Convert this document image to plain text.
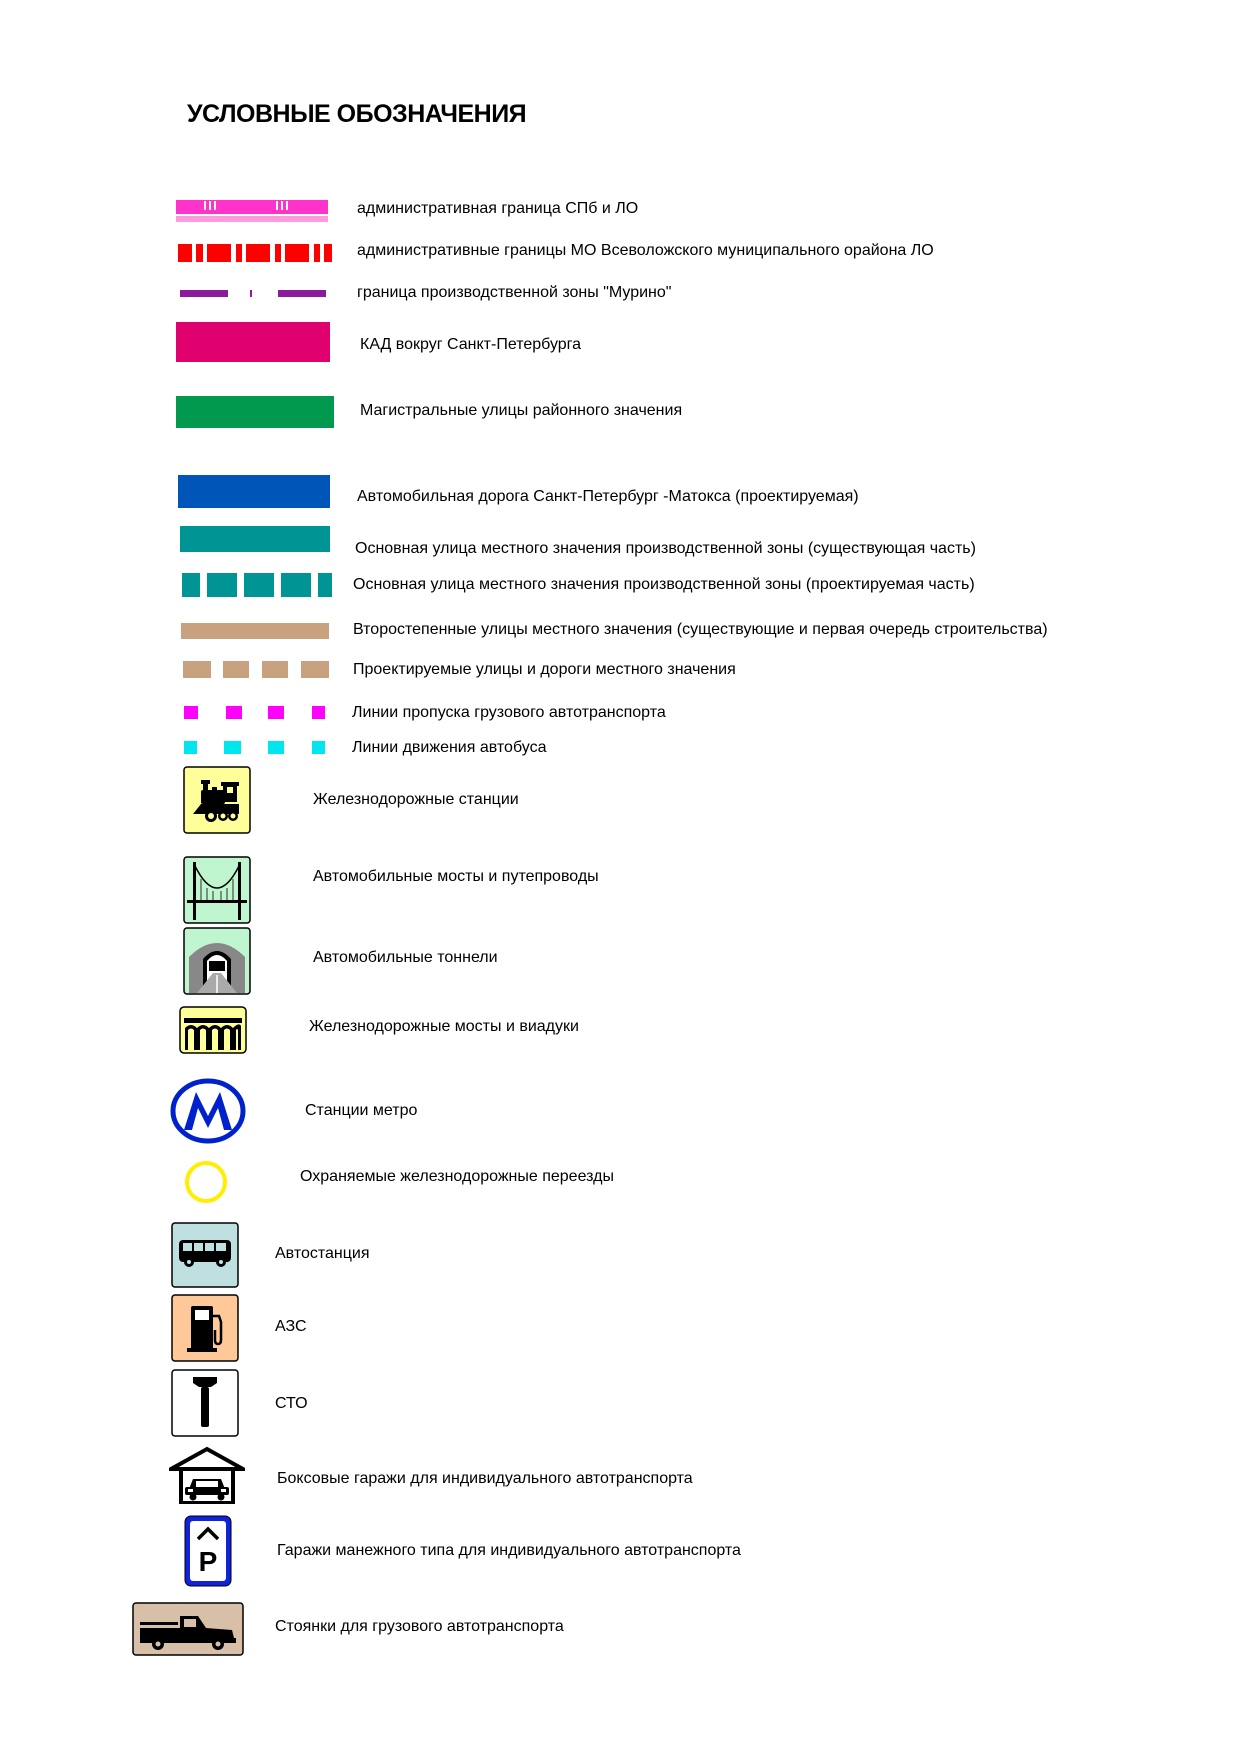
УСЛОВНЫЕ ОБОЗНАЧЕНИЯ
административная граница СПб и ЛО
административные границы МО Всеволожского муниципального орайона ЛО
граница производственной зоны "Мурино"
КАД вокруг Санкт-Петербурга
Магистральные улицы районного значения
Автомобильная дорога Санкт-Петербург -Матокса (проектируемая)
Основная улица местного значения производственной зоны (существующая часть)
Основная улица местного значения производственной зоны (проектируемая часть)
Второстепенные улицы местного значения (существующие и первая очередь строительства)
Проектируемые улицы и дороги местного значения
Линии пропуска грузового автотранспорта
Линии движения автобуса
Железнодорожные станции
Автомобильные мосты и путепроводы
Автомобильные тоннели
Железнодорожные мосты и виадуки
Станции метро
Охраняемые железнодорожные переезды
Автостанция
АЗС
СТО
Боксовые гаражи для индивидуального автотранспорта
P	Гаражи манежного типа для индивидуального автотранспорта
Стоянки для грузового автотранспорта
